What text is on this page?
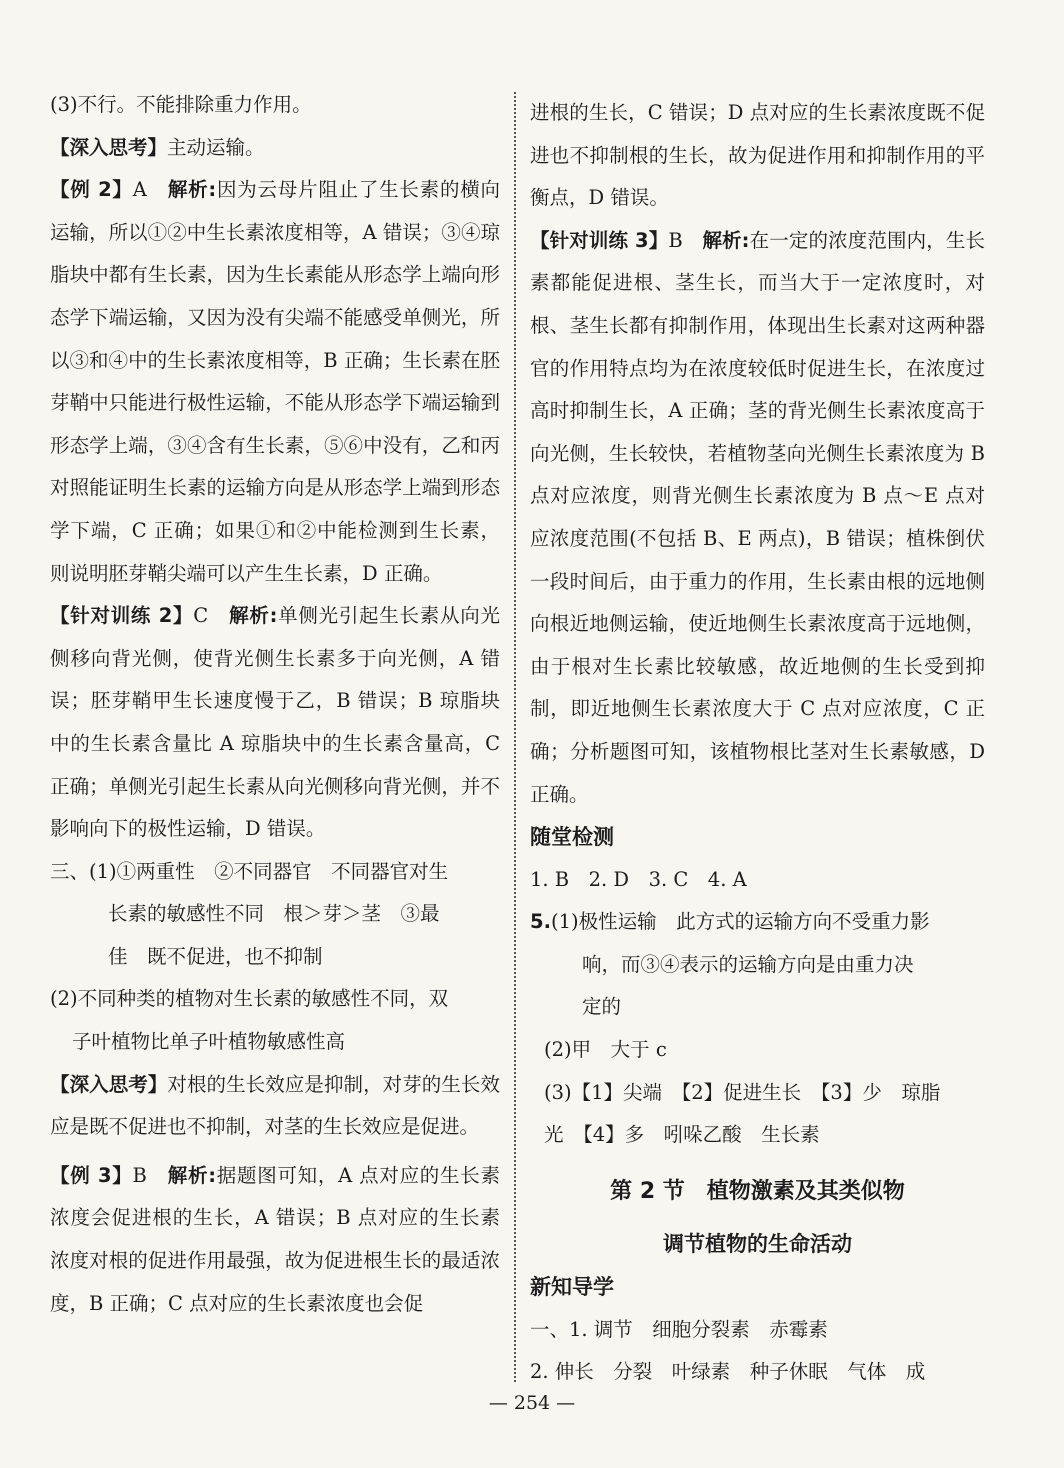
(3)不行。不能排除重力作用。

【深入思考】主动运输。

【例 2】A　 解析:因为云母片阻止了生长素的横向运输，所以①②中生长素浓度相等，A 错误；③④琼脂块中都有生长素，因为生长素能从形态学上端向形态学下端运输，又因为没有尖端不能感受单侧光，所以③和④中的生长素浓度相等，B 正确；生长素在胚芽鞘中只能进行极性运输，不能从形态学下端运输到形态学上端，③④含有生长素，⑤⑥中没有，乙和丙对照能证明生长素的运输方向是从形态学上端到形态学下端，C 正确；如果①和②中能检测到生长素，则说明胚芽鞘尖端可以产生生长素，D 正确。

【针对训练 2】C　 解析:单侧光引起生长素从向光侧移向背光侧，使背光侧生长素多于向光侧，A 错误；胚芽鞘甲生长速度慢于乙，B 错误；B 琼脂块中的生长素含量比 A 琼脂块中的生长素含量高，C 正确；单侧光引起生长素从向光侧移向背光侧，并不影响向下的极性运输，D 错误。

三、(1)①两重性　②不同器官　不同器官对生

长素的敏感性不同　根＞芽＞茎　③最

佳　既不促进，也不抑制

(2)不同种类的植物对生长素的敏感性不同，双

子叶植物比单子叶植物敏感性高

【深入思考】对根的生长效应是抑制，对芽的生长效应是既不促进也不抑制，对茎的生长效应是促进。

【例 3】B　 解析:据题图可知，A 点对应的生长素浓度会促进根的生长，A 错误；B 点对应的生长素浓度对根的促进作用最强，故为促进根生长的最适浓度，B 正确；C 点对应的生长素浓度也会促

进根的生长，C 错误；D 点对应的生长素浓度既不促进也不抑制根的生长，故为促进作用和抑制作用的平衡点，D 错误。

【针对训练 3】B　 解析:在一定的浓度范围内，生长素都能促进根、茎生长，而当大于一定浓度时，对根、茎生长都有抑制作用，体现出生长素对这两种器官的作用特点均为在浓度较低时促进生长，在浓度过高时抑制生长，A 正确；茎的背光侧生长素浓度高于向光侧，生长较快，若植物茎向光侧生长素浓度为 B 点对应浓度，则背光侧生长素浓度为 B 点～E 点对应浓度范围(不包括 B、E 两点)，B 错误；植株倒伏一段时间后，由于重力的作用，生长素由根的远地侧向根近地侧运输，使近地侧生长素浓度高于远地侧，由于根对生长素比较敏感，故近地侧的生长受到抑制，即近地侧生长素浓度大于 C 点对应浓度，C 正确；分析题图可知，该植物根比茎对生长素敏感，D 正确。

随堂检测

1. B　2. D　3. C　4. A

5.(1)极性运输　此方式的运输方向不受重力影

响，而③④表示的运输方向是由重力决

定的

(2)甲　大于 c

(3)【1】尖端　【2】促进生长　【3】少　琼脂

光　【4】多　吲哚乙酸　生长素

第 2 节　植物激素及其类似物

调节植物的生命活动

新知导学

一、1. 调节　细胞分裂素　赤霉素

2. 伸长　分裂　叶绿素　种子休眠　气体　成

— 254 —
